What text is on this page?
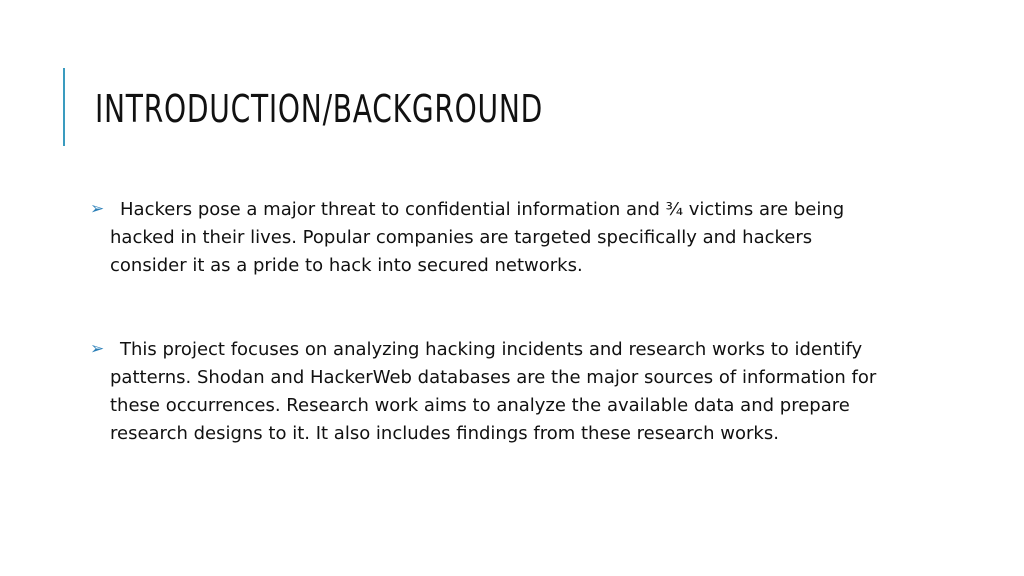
INTRODUCTION/BACKGROUND
➢ Hackers pose a major threat to confidential information and ¾ victims are being hacked in their lives. Popular companies are targeted specifically and hackers consider it as a pride to hack into secured networks.
➢ This project focuses on analyzing hacking incidents and research works to identify patterns. Shodan and HackerWeb databases are the major sources of information for these occurrences. Research work aims to analyze the available data and prepare research designs to it. It also includes findings from these research works.
